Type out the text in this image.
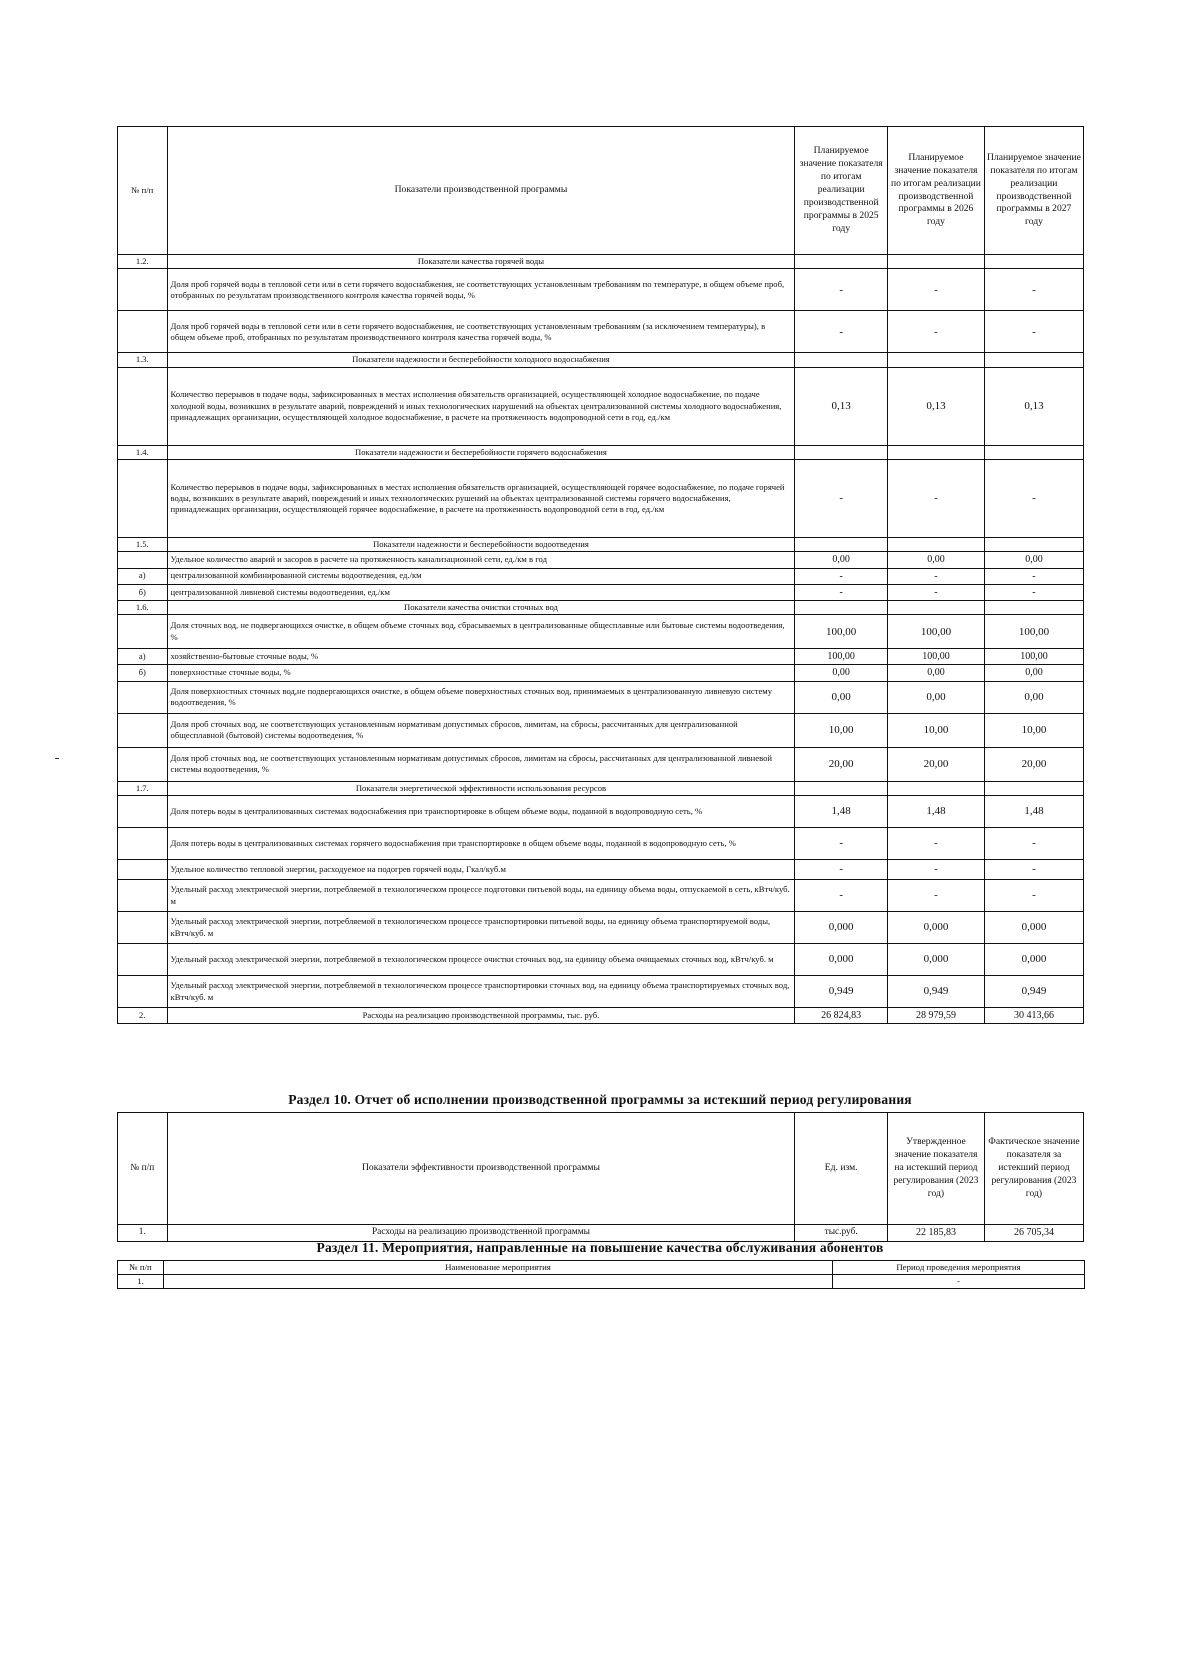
№ п/п	Показатели производственной программы	Планируемое значение показателя по итогам реализации производственной программы в 2025 году	Планируемое значение показателя по итогам реализации производственной программы в 2026 году	Планируемое значение показателя по итогам реализации производственной программы в 2027 году
1.2.	Показатели качества горячей воды			
	Доля проб горячей воды в тепловой сети или в сети горячего водоснабжения, не соответствующих установленным требованиям по температуре, в общем объеме проб, отобранных по результатам производственного контроля качества горячей воды, %	-	-	-
	Доля проб горячей воды в тепловой сети или в сети горячего водоснабжения, не соответствующих установленным требованиям (за исключением температуры), в общем объеме проб, отобранных по результатам производственного контроля качества горячей воды, %	-	-	-
1.3.	Показатели надежности и бесперебойности холодного водоснабжения			
	Количество перерывов в подаче воды, зафиксированных в местах исполнения обязательств организацией, осуществляющей холодное водоснабжение, по подаче холодной воды, возникших в результате аварий, повреждений и иных технологических нарушений на объектах централизованной системы холодного водоснабжения, принадлежащих организации, осуществляющей холодное водоснабжение, в расчете на протяженность водопроводной сети в год, ед./км	0,13	0,13	0,13
1.4.	Показатели надежности и бесперебойности горячего водоснабжения			
	Количество перерывов в подаче воды, зафиксированных в местах исполнения обязательств организацией, осуществляющей горячее водоснабжение, по подаче горячей воды, возникших в результате аварий, повреждений и иных технологических рушений на объектах централизованной системы горячего водоснабжения, принадлежащих организации, осуществляющей горячее водоснабжение, в расчете на протяженность водопроводной сети в год, ед./км	-	-	-
1.5.	Показатели надежности и бесперебойности водоотведения			
	Удельное количество аварий и засоров в расчете на протяженность канализационной сети, ед./км в год	0,00	0,00	0,00
а)	централизованной комбинированной системы водоотведения, ед./км	-	-	-
б)	централизованной ливневой системы водоотведения, ед./км	-	-	-
1.6.	Показатели качества очистки сточных вод			
	Доля сточных вод, не подвергающихся очистке, в общем объеме сточных вод, сбрасываемых в централизованные общесплавные или бытовые системы водоотведения, %	100,00	100,00	100,00
а)	хозяйственно-бытовые сточные воды, %	100,00	100,00	100,00
б)	поверхностные сточные воды, %	0,00	0,00	0,00
	Доля поверхностных сточных вод,не подвергающихся очистке, в общем объеме поверхностных сточных вод, принимаемых в централизованную ливневую систему водоотведения, %	0,00	0,00	0,00
	Доля проб сточных вод, не соответствующих установленным нормативам допустимых сбросов, лимитам, на сбросы, рассчитанных для централизованной общесплавной (бытовой) системы водоотведения, %	10,00	10,00	10,00
	Доля проб сточных вод, не соответствующих установленным нормативам допустимых сбросов, лимитам на сбросы, рассчитанных для централизованной ливневой системы водоотведения, %	20,00	20,00	20,00
1.7.	Показатели энергетической эффективности использования ресурсов			
	Доля потерь воды в централизованных системах водоснабжения при транспортировке в общем объеме воды, поданной в водопроводную сеть, %	1,48	1,48	1,48
	Доля потерь воды в централизованных системах горячего водоснабжения при транспортировке в общем объеме воды, поданной в водопроводную сеть, %	-	-	-
	Удельное количество тепловой энергии, расходуемое на подогрев горячей воды, Гкал/куб.м	-	-	-
	Удельный расход электрической энергии, потребляемой в технологическом процессе подготовки питьевой воды, на единицу объема воды, отпускаемой в сеть, кВтч/куб. м	-	-	-
	Удельный расход электрической энергии, потребляемой в технологическом процессе транспортировки питьевой воды, на единицу объема транспортируемой воды, кВтч/куб. м	0,000	0,000	0,000
	Удельный расход электрической энергии, потребляемой в технологическом процессе очистки сточных вод, на единицу объема очищаемых сточных вод, кВтч/куб. м	0,000	0,000	0,000
	Удельный расход электрической энергии, потребляемой в технологическом процессе транспортировки сточных вод, на единицу объема транспортируемых сточных вод, кВтч/куб. м	0,949	0,949	0,949
2.	Расходы на реализацию производственной программы, тыс. руб.	26 824,83	28 979,59	30 413,66
Раздел 10. Отчет об исполнении производственной программы за истекший период регулирования
№ п/п	Показатели эффективности производственной программы	Ед. изм.	Утвержденное значение показателя на истекший период регулирования (2023 год)	Фактическое значение показателя за истекший период регулирования (2023 год)
1.	Расходы на реализацию производственной программы	тыс.руб.	22 185,83	26 705,34
Раздел 11. Мероприятия, направленные на повышение качества обслуживания абонентов
№ п/п	Наименование мероприятия	Период проведения мероприятия
1.		-
